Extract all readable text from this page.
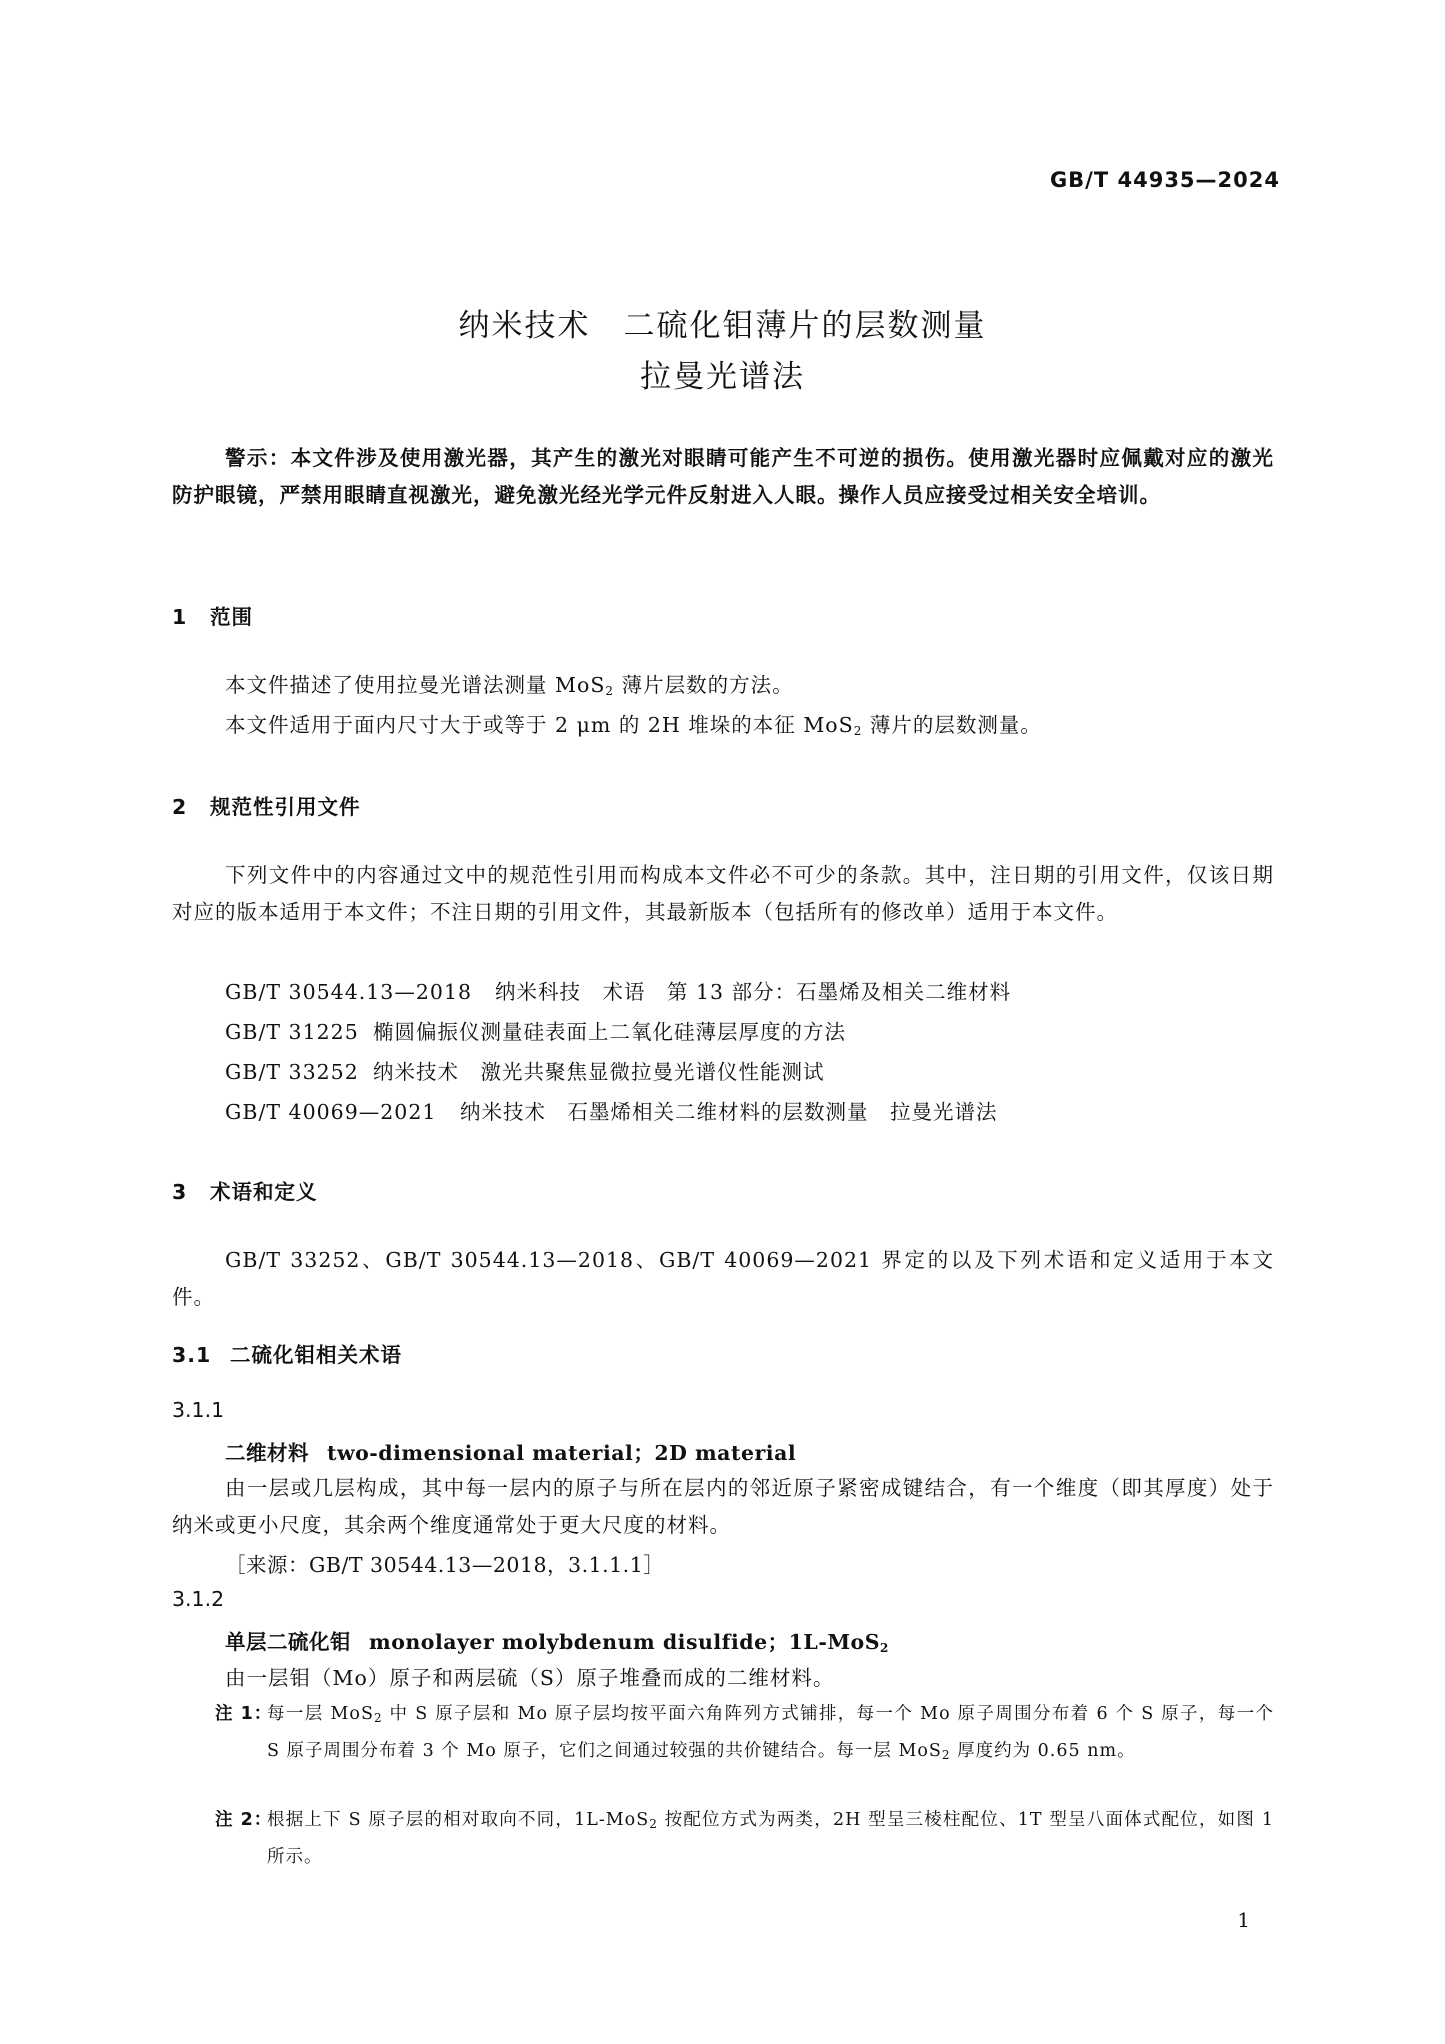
GB/T 44935—2024
纳米技术　二硫化钼薄片的层数测量
拉曼光谱法
警示：本文件涉及使用激光器，其产生的激光对眼睛可能产生不可逆的损伤。使用激光器时应佩戴对应的激光防护眼镜，严禁用眼睛直视激光，避免激光经光学元件反射进入人眼。操作人员应接受过相关安全培训。
1 范围
本文件描述了使用拉曼光谱法测量 MoS$_2$ 薄片层数的方法。
本文件适用于面内尺寸大于或等于 2 μm 的 2H 堆垛的本征 MoS$_2$ 薄片的层数测量。
2 规范性引用文件
下列文件中的内容通过文中的规范性引用而构成本文件必不可少的条款。其中，注日期的引用文件，仅该日期对应的版本适用于本文件；不注日期的引用文件，其最新版本（包括所有的修改单）适用于本文件。
GB/T 30544.13—2018 纳米科技　术语　第 13 部分：石墨烯及相关二维材料
GB/T 31225 椭圆偏振仪测量硅表面上二氧化硅薄层厚度的方法
GB/T 33252 纳米技术　激光共聚焦显微拉曼光谱仪性能测试
GB/T 40069—2021 纳米技术　石墨烯相关二维材料的层数测量　拉曼光谱法
3 术语和定义
GB/T 33252、GB/T 30544.13—2018、GB/T 40069—2021 界定的以及下列术语和定义适用于本文件。
3.1 二硫化钼相关术语
3.1.1
二维材料 two-dimensional material；2D material
由一层或几层构成，其中每一层内的原子与所在层内的邻近原子紧密成键结合，有一个维度（即其厚度）处于纳米或更小尺度，其余两个维度通常处于更大尺度的材料。
［来源：GB/T 30544.13—2018，3.1.1.1］
3.1.2
单层二硫化钼 monolayer molybdenum disulfide；1L-MoS$_2$
由一层钼（Mo）原子和两层硫（S）原子堆叠而成的二维材料。
注 1：
每一层 MoS$_2$ 中 S 原子层和 Mo 原子层均按平面六角阵列方式铺排，每一个 Mo 原子周围分布着 6 个 S 原子，每一个 S 原子周围分布着 3 个 Mo 原子，它们之间通过较强的共价键结合。每一层 MoS$_2$ 厚度约为 0.65 nm。
注 2：
根据上下 S 原子层的相对取向不同，1L-MoS$_2$ 按配位方式为两类，2H 型呈三棱柱配位、1T 型呈八面体式配位，如图 1 所示。
1
